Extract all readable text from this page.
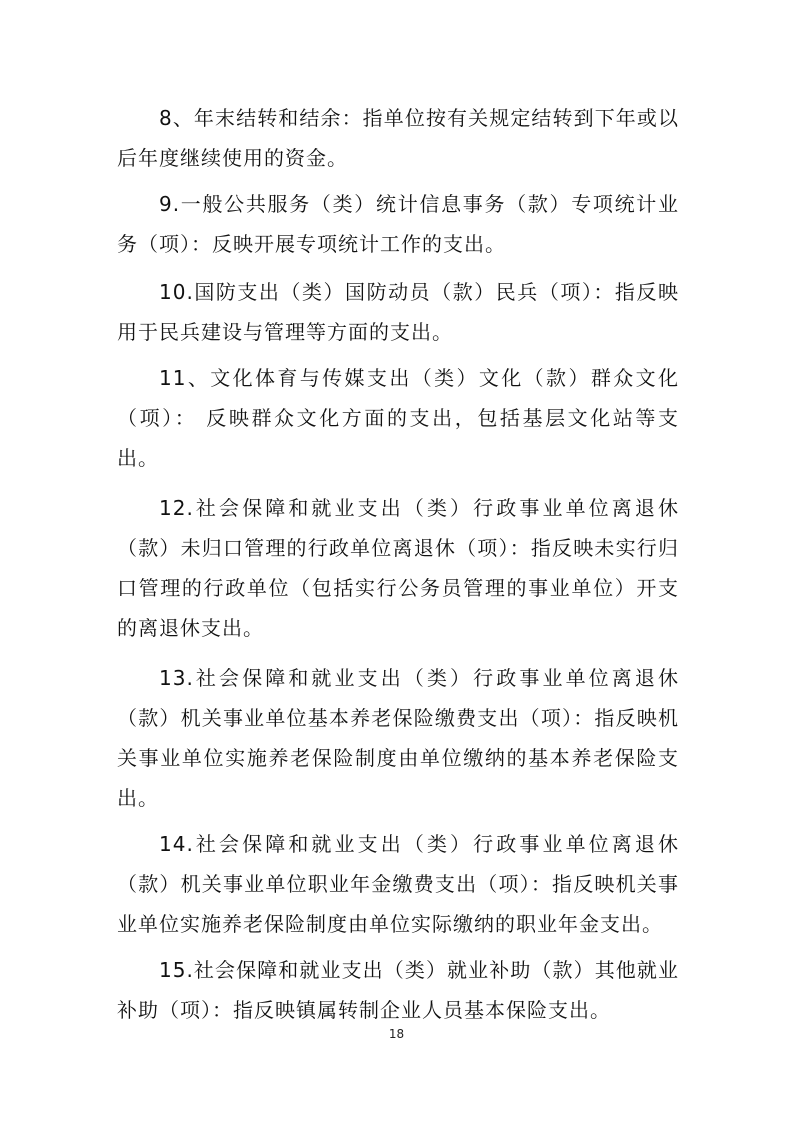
8、年末结转和结余：指单位按有关规定结转到下年或以后年度继续使用的资金。

9.一般公共服务（类）统计信息事务（款）专项统计业务（项）：反映开展专项统计工作的支出。

10.国防支出（类）国防动员（款）民兵（项）：指反映用于民兵建设与管理等方面的支出。

11、文化体育与传媒支出（类）文化（款）群众文化（项）： 反映群众文化方面的支出，包括基层文化站等支出。

12.社会保障和就业支出（类）行政事业单位离退休（款）未归口管理的行政单位离退休（项）：指反映未实行归口管理的行政单位（包括实行公务员管理的事业单位）开支的离退休支出。

13.社会保障和就业支出（类）行政事业单位离退休（款）机关事业单位基本养老保险缴费支出（项）：指反映机关事业单位实施养老保险制度由单位缴纳的基本养老保险支出。

14.社会保障和就业支出（类）行政事业单位离退休（款）机关事业单位职业年金缴费支出（项）：指反映机关事业单位实施养老保险制度由单位实际缴纳的职业年金支出。

15.社会保障和就业支出（类）就业补助（款）其他就业补助（项）：指反映镇属转制企业人员基本保险支出。

18
